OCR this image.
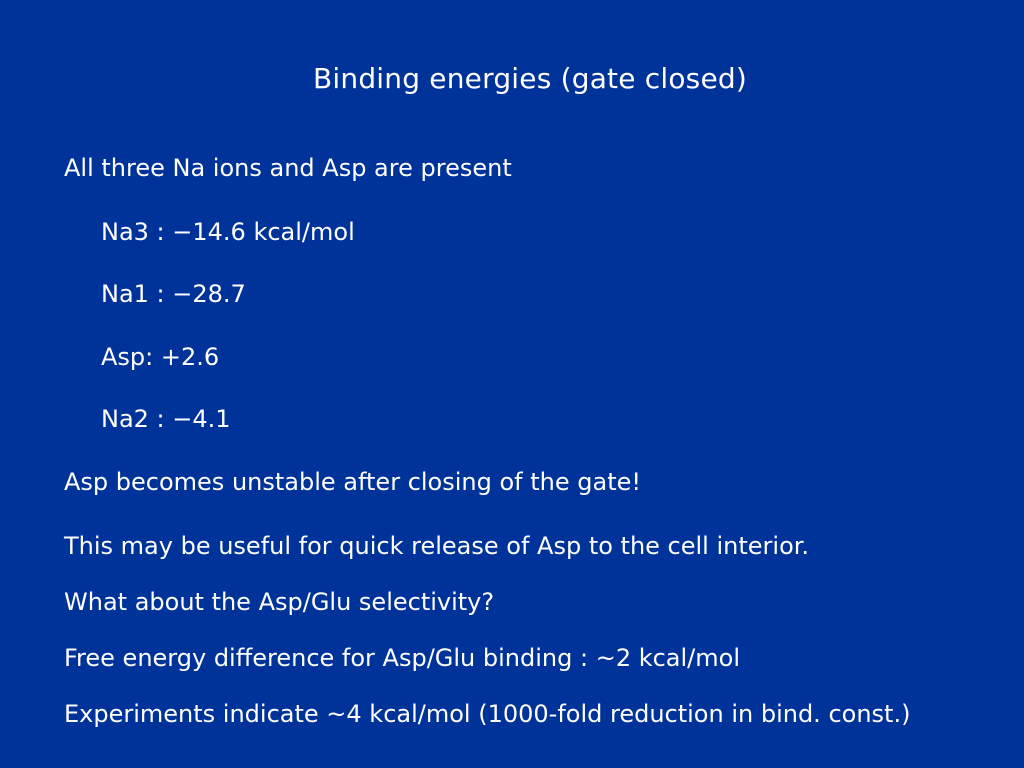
Binding energies (gate closed)
All three Na ions and Asp are present
Na3 : −14.6 kcal/mol
Na1 : −28.7
Asp: +2.6
Na2 : −4.1
Asp becomes unstable after closing of the gate!
This may be useful for quick release of Asp to the cell interior.
What about the Asp/Glu selectivity?
Free energy difference for Asp/Glu binding : ~2 kcal/mol
Experiments indicate ~4 kcal/mol (1000-fold reduction in bind. const.)
